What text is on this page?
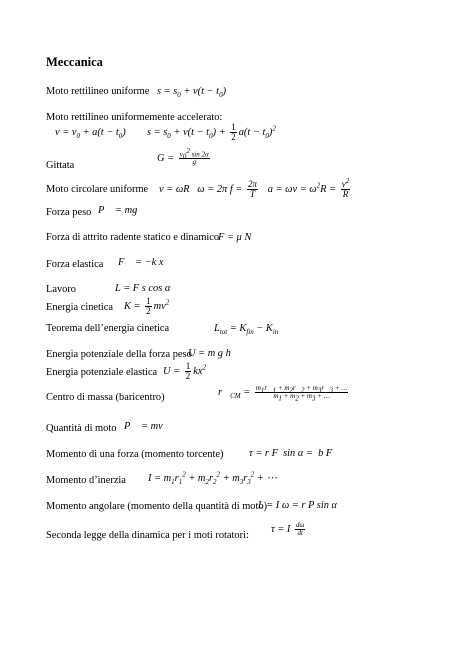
Meccanica
Moto rettilineo uniforme $s = s_0 + v(t - t_0)$
Moto rettilineo uniformemente accelerato:
$v = v_0 + a(t - t_0) s = s_0 + v(t - t_0) + \frac{1}{2} a(t - t_0)^2$
Gittata
$G = \frac{v_0^2 \sin 2\alpha}{g}$
Moto circolare uniforme v = ωR   ω = 2π $f = \frac{2\pi}{T}$ $a = \omega v = \omega^2R = \frac{v^2}{R}$
Forza peso P⃗ = mg⃗
Forza di attrito radente statico e dinamico
F = μ N
Forza elastica F⃗ = −k x⃗
Lavoro	L = F s cos α
Energia cinetica $K = \frac{1}{2} mv^2$
Teorema dell’energia cinetica	$L_{tot} = K_{fin} - K_{in}$
Energia potenziale della forza peso
U = m g h
Energia potenziale elastica $U = \frac{1}{2} kx^2$
Centro di massa (baricentro)	$r⃗_{CM} = \frac{m_1r⃗_1 + m_2r⃗_2 + m_3r⃗_3 + \dots}{m_1 + m_2 + m_3 + \dots}$
Quantità di moto P⃗ = mv⃗
Momento di una forza (momento torcente) τ = r F  sin α =  b F
Momento d’inerzia $I = m_1r_1^2 + m_2r_2^2 + m_3r_3^2$ + ⋯
Momento angolare (momento della quantità di moto)
L = I ω = r P sin α
Seconda legge della dinamica per i moti rotatori:
τ = I $\frac{d\omega}{dt}$
